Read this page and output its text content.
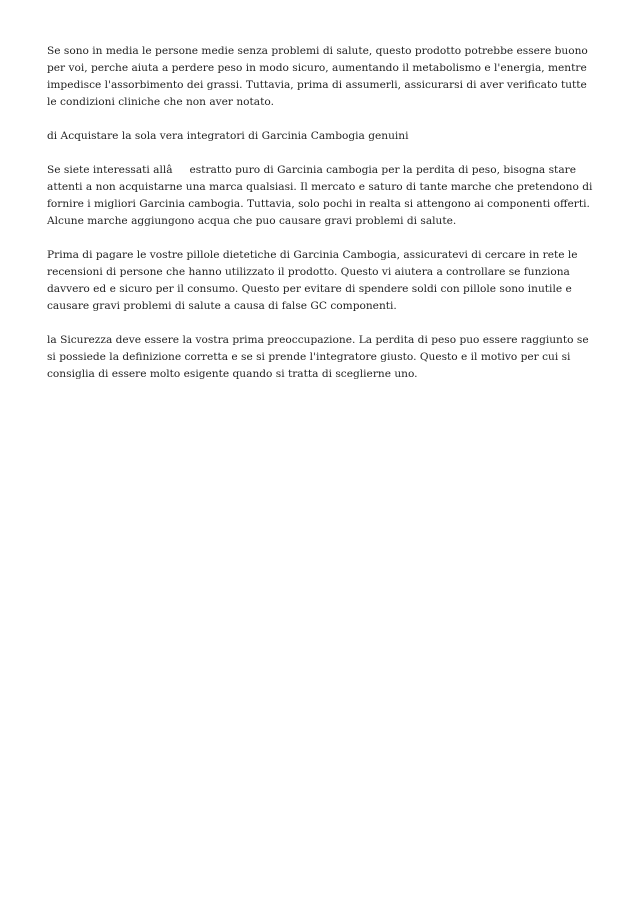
Se sono in media le persone medie senza problemi di salute, questo prodotto potrebbe essere buono
per voi, perche aiuta a perdere peso in modo sicuro, aumentando il metabolismo e l'energia, mentre
impedisce l'assorbimento dei grassi. Tuttavia, prima di assumerli, assicurarsi di aver verificato tutte
le condizioni cliniche che non aver notato.

di Acquistare la sola vera integratori di Garcinia Cambogia genuini

Se siete interessati allâestratto puro di Garcinia cambogia per la perdita di peso, bisogna stare
attenti a non acquistarne una marca qualsiasi. Il mercato e saturo di tante marche che pretendono di
fornire i migliori Garcinia cambogia. Tuttavia, solo pochi in realta si attengono ai componenti offerti.
Alcune marche aggiungono acqua che puo causare gravi problemi di salute.

Prima di pagare le vostre pillole dietetiche di Garcinia Cambogia, assicuratevi di cercare in rete le
recensioni di persone che hanno utilizzato il prodotto. Questo vi aiutera a controllare se funziona
davvero ed e sicuro per il consumo. Questo per evitare di spendere soldi con pillole sono inutile e
causare gravi problemi di salute a causa di false GC componenti.

la Sicurezza deve essere la vostra prima preoccupazione. La perdita di peso puo essere raggiunto se
si possiede la definizione corretta e se si prende l'integratore giusto. Questo e il motivo per cui si
consiglia di essere molto esigente quando si tratta di sceglierne uno.
